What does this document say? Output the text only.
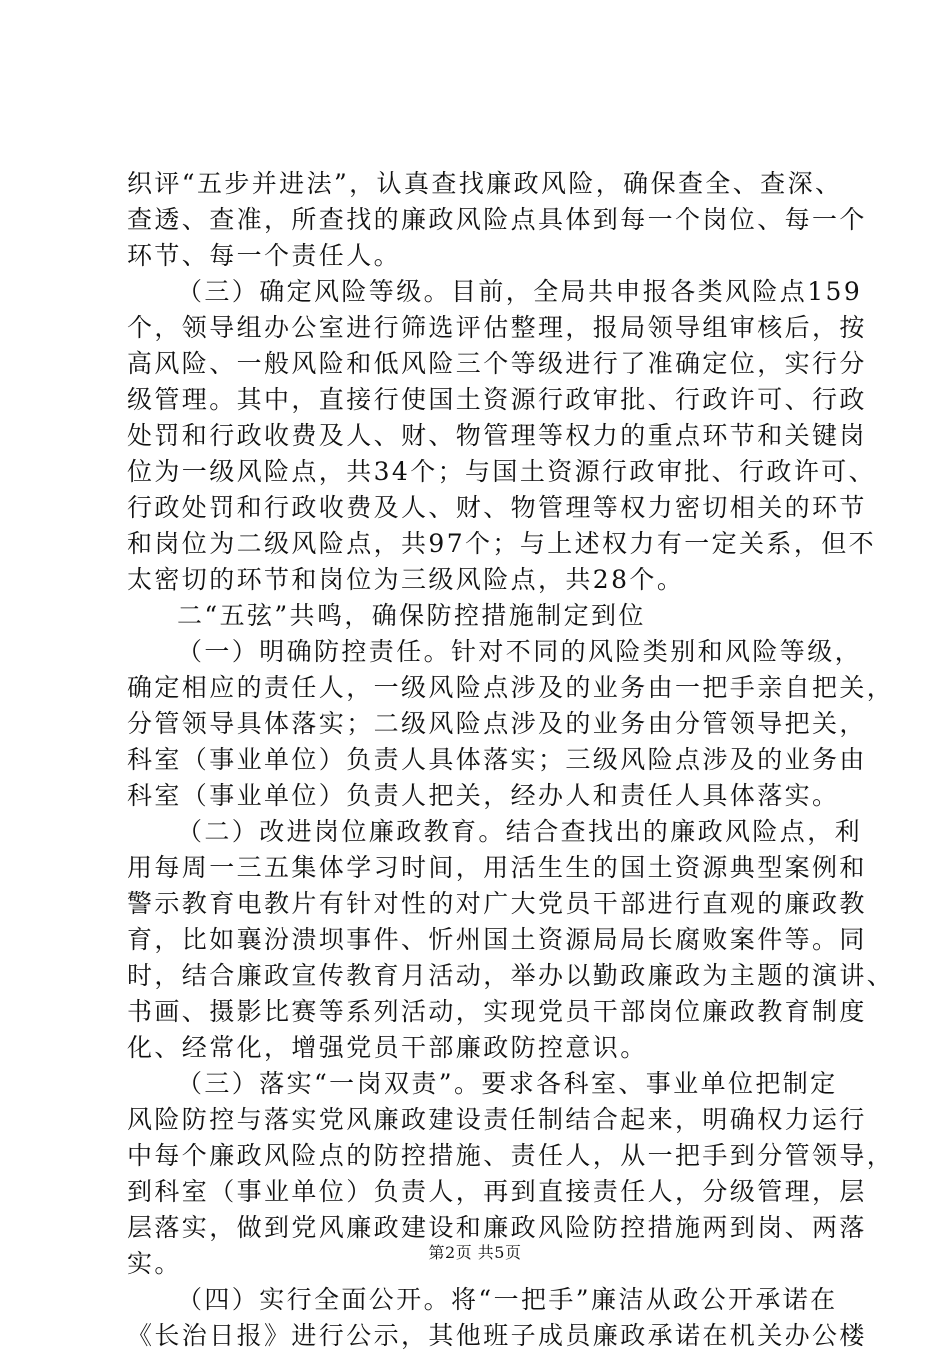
织评“五步并进法”，认真查找廉政风险，确保查全、查深、
查透、查准，所查找的廉政风险点具体到每一个岗位、每一个
环节、每一个责任人。
（三）确定风险等级。目前，全局共申报各类风险点159
个，领导组办公室进行筛选评估整理，报局领导组审核后，按
高风险、一般风险和低风险三个等级进行了准确定位，实行分
级管理。其中，直接行使国土资源行政审批、行政许可、行政
处罚和行政收费及人、财、物管理等权力的重点环节和关键岗
位为一级风险点，共34个；与国土资源行政审批、行政许可、
行政处罚和行政收费及人、财、物管理等权力密切相关的环节
和岗位为二级风险点，共97个；与上述权力有一定关系，但不
太密切的环节和岗位为三级风险点，共28个。
二“五弦”共鸣，确保防控措施制定到位
（一）明确防控责任。针对不同的风险类别和风险等级，
确定相应的责任人，一级风险点涉及的业务由一把手亲自把关，
分管领导具体落实；二级风险点涉及的业务由分管领导把关，
科室（事业单位）负责人具体落实；三级风险点涉及的业务由
科室（事业单位）负责人把关，经办人和责任人具体落实。
（二）改进岗位廉政教育。结合查找出的廉政风险点，利
用每周一三五集体学习时间，用活生生的国土资源典型案例和
警示教育电教片有针对性的对广大党员干部进行直观的廉政教
育，比如襄汾溃坝事件、忻州国土资源局局长腐败案件等。同
时，结合廉政宣传教育月活动，举办以勤政廉政为主题的演讲、
书画、摄影比赛等系列活动，实现党员干部岗位廉政教育制度
化、经常化，增强党员干部廉政防控意识。
（三）落实“一岗双责”。要求各科室、事业单位把制定
风险防控与落实党风廉政建设责任制结合起来，明确权力运行
中每个廉政风险点的防控措施、责任人，从一把手到分管领导，
到科室（事业单位）负责人，再到直接责任人，分级管理，层
层落实，做到党风廉政建设和廉政风险防控措施两到岗、两落
实。
（四）实行全面公开。将“一把手”廉洁从政公开承诺在
《长治日报》进行公示，其他班子成员廉政承诺在机关办公楼
第2页 共5页
